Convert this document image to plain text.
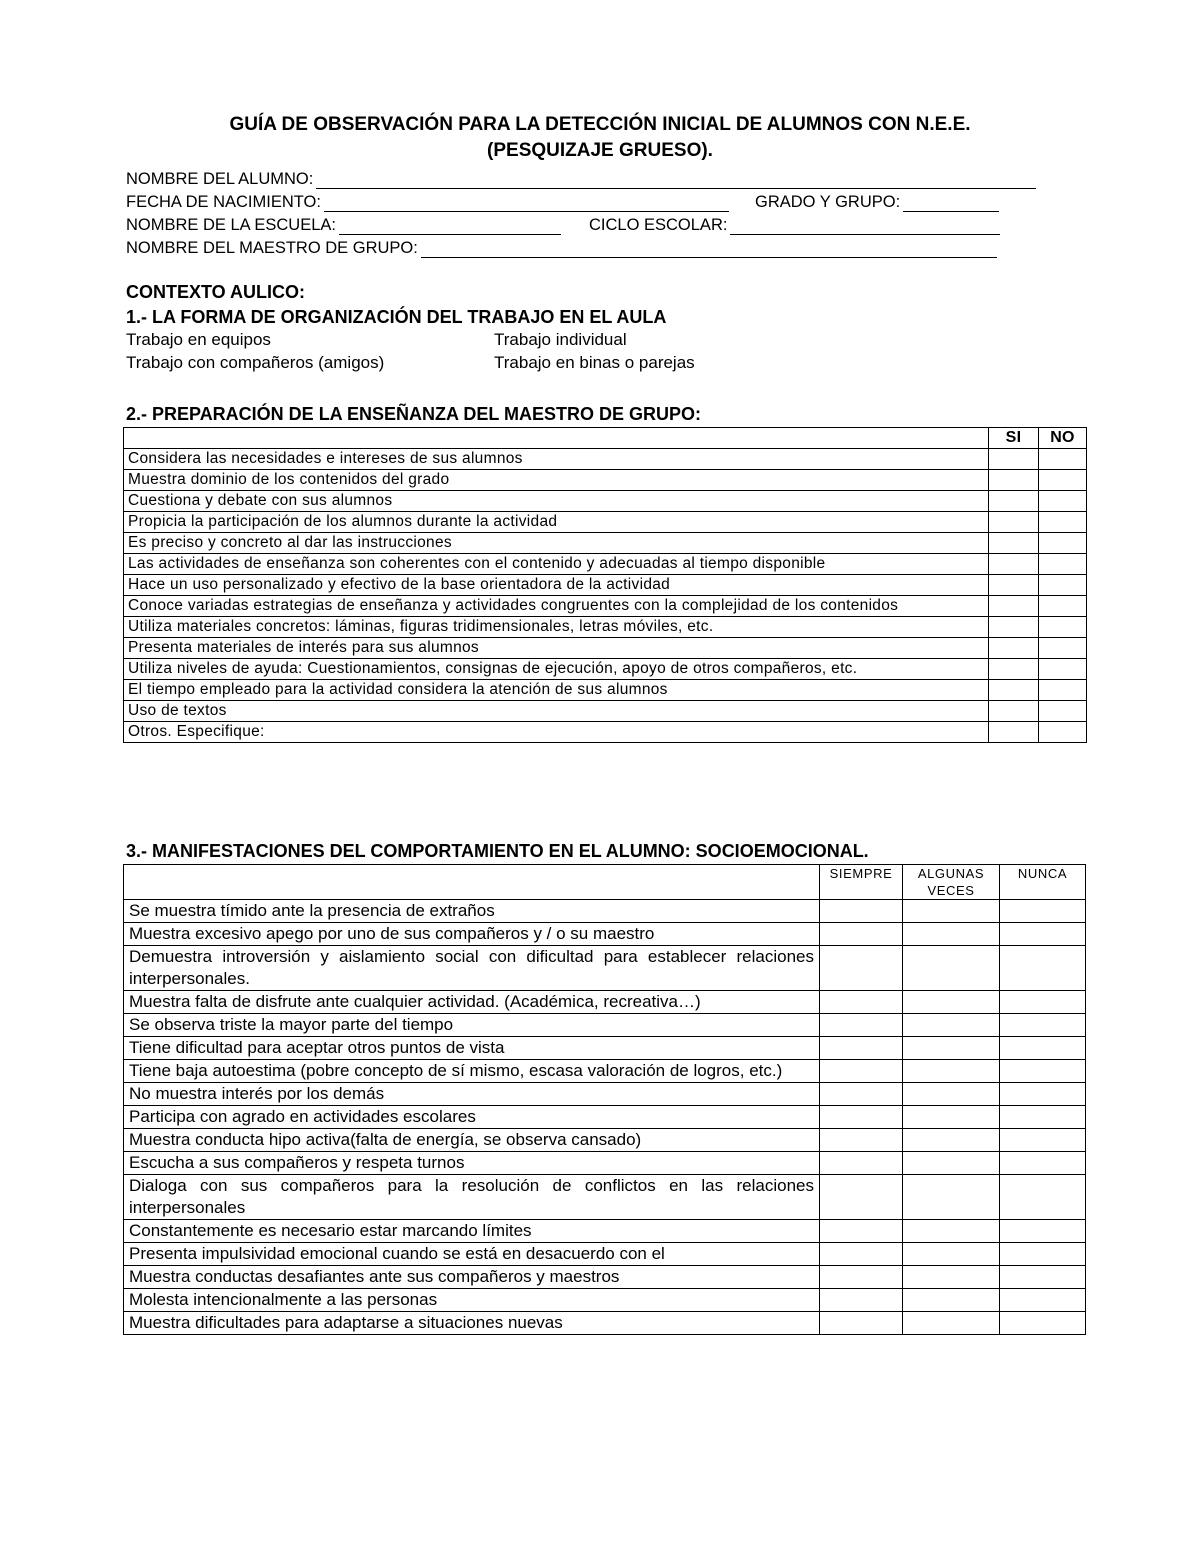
GUÍA DE OBSERVACIÓN PARA LA DETECCIÓN INICIAL DE ALUMNOS CON N.E.E.
(PESQUIZAJE GRUESO).
NOMBRE DEL ALUMNO:
FECHA DE NACIMIENTO:	GRADO Y GRUPO:
NOMBRE DE LA ESCUELA:	CICLO ESCOLAR:
NOMBRE DEL MAESTRO DE GRUPO:
CONTEXTO AULICO:
1.- LA FORMA DE ORGANIZACIÓN DEL TRABAJO EN EL AULA
Trabajo en equipos	Trabajo individual
Trabajo con compañeros (amigos)	Trabajo en binas o parejas
2.- PREPARACIÓN DE LA ENSEÑANZA DEL MAESTRO DE GRUPO:
	SI	NO
Considera las necesidades e intereses de sus alumnos		
Muestra dominio de los contenidos del grado		
Cuestiona y debate con sus alumnos		
Propicia la participación de los alumnos durante la actividad		
Es preciso y concreto al dar las instrucciones		
Las actividades de enseñanza son coherentes con el contenido y adecuadas al tiempo disponible		
Hace un uso personalizado y efectivo de la base orientadora de la actividad		
Conoce variadas estrategias de enseñanza y actividades congruentes con la complejidad de los contenidos		
Utiliza materiales concretos: láminas, figuras tridimensionales, letras móviles, etc.		
Presenta materiales de interés para sus alumnos		
Utiliza niveles de ayuda: Cuestionamientos, consignas de ejecución, apoyo de otros compañeros, etc.		
El tiempo empleado para la actividad considera la atención de sus alumnos		
Uso de textos		
Otros. Especifique:		
3.- MANIFESTACIONES DEL COMPORTAMIENTO EN EL ALUMNO: SOCIOEMOCIONAL.
	SIEMPRE	ALGUNAS VECES	NUNCA
Se muestra tímido ante la presencia de extraños			
Muestra excesivo apego por uno de sus compañeros y / o su maestro			
Demuestra introversión y aislamiento social con dificultad para establecer relaciones interpersonales.			
Muestra falta de disfrute ante cualquier actividad. (Académica, recreativa…)			
Se observa triste la mayor parte del tiempo			
Tiene dificultad para aceptar otros puntos de vista			
Tiene baja autoestima (pobre concepto de sí mismo, escasa valoración de logros, etc.)			
No muestra interés por los demás			
Participa con agrado en actividades escolares			
Muestra conducta hipo activa(falta de energía, se observa cansado)			
Escucha a sus compañeros y respeta turnos			
Dialoga con sus compañeros para la resolución de conflictos en las relaciones interpersonales			
Constantemente es necesario estar marcando límites			
Presenta impulsividad emocional cuando se está en desacuerdo con el			
Muestra conductas desafiantes ante sus compañeros y maestros			
Molesta intencionalmente a las personas			
Muestra dificultades para adaptarse a situaciones nuevas			
